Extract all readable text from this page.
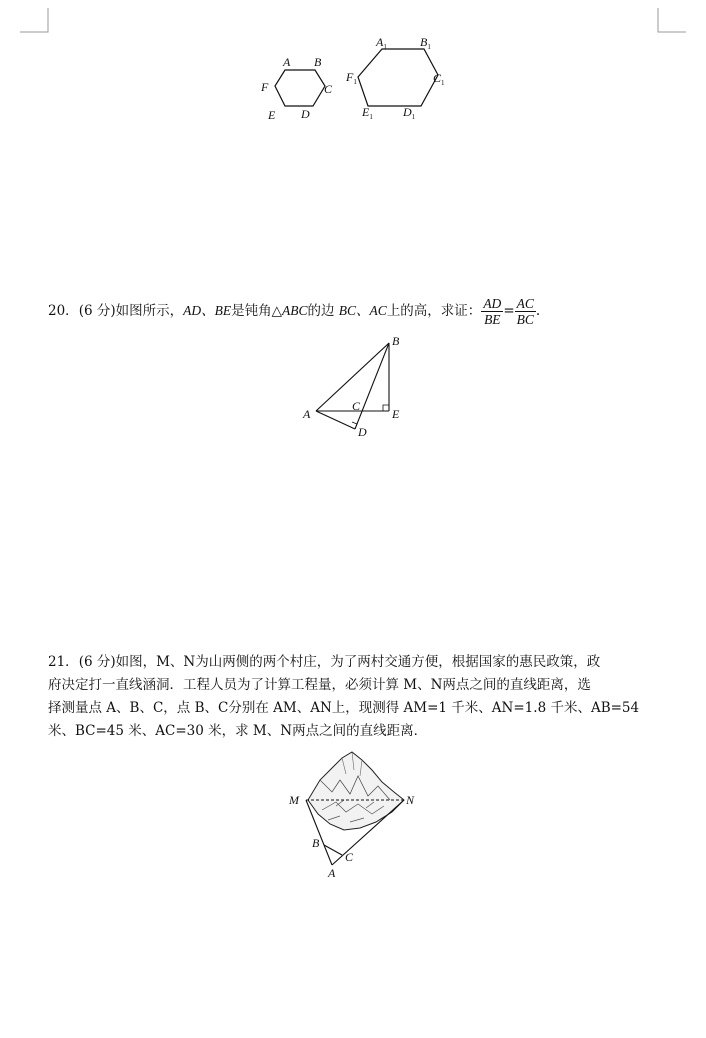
A B
C
D
E
F
$A_1$	$B_1$
$C_1$
$D_1$
$E_1$
$F_1$
20．(6 分)如图所示，AD、BE是钝角△ABC的边 BC、AC上的高，求证： $\frac{AD}{BE} = \frac{AC}{BC}$ .
A
B
C
D
E
21．(6 分)如图，M、N为山两侧的两个村庄，为了两村交通方便，根据国家的惠民政策，政
府决定打一直线涵洞．工程人员为了计算工程量，必须计算 M、N两点之间的直线距离，选
择测量点 A、B、C，点 B、C分别在 AM、AN上，现测得 AM=1 千米、AN=1.8 千米、AB=54
米、BC=45 米、AC=30 米，求 M、N两点之间的直线距离．
M	N
B
C
A
